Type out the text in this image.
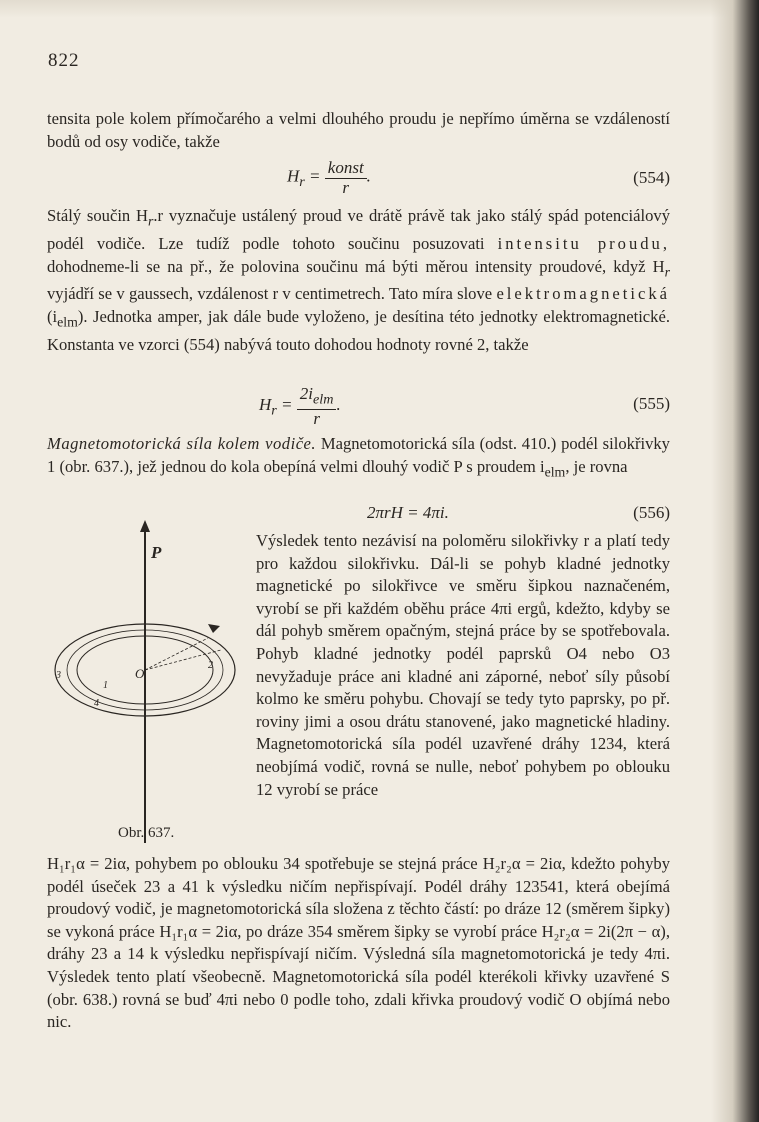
822
tensita pole kolem přímočarého a velmi dlouhého proudu je nepřímo úměrna se vzdáleností bodů od osy vodiče, takže
$H_r = \frac{\text{konst}}{r}$ .	(554)
Stálý součin $H_r.r$ vyznačuje ustálený proud ve drátě právě tak jako stálý spád potenciálový podél vodiče. Lze tudíž podle tohoto součinu posuzovati intensitu proudu, dohodneme-li se na př., že polovina součinu má býti měrou intensity proudové, když $H_r$ vyjádří se v gaussech, vzdálenost r v centimetrech. Tato míra slove elektromagnetická $(i_{elm})$. Jednotka amper, jak dále bude vyloženo, je desítina této jednotky elektromagnetické. Konstanta ve vzorci (554) nabývá touto dohodou hodnoty rovné 2, takže
$H_r = \frac{2i_{elm}}{r}$ .	(555)
Magnetomotorická síla kolem vodiče. Magnetomotorická síla (odst. 410.) podél silokřivky 1 (obr. 637.), jež jednou do kola obepíná velmi dlouhý vodič P s proudem $i_{elm}$, je rovna
2πrH = 4πi.	(556)
P
O
1
2
3
4
Obr. 637.
Výsledek tento nezávisí na poloměru silokřivky r a platí tedy pro každou silokřivku. Dál-li se pohyb kladné jednotky magnetické po silokřivce ve směru šipkou naznačeném, vyrobí se při každém oběhu práce 4πi ergů, kdežto, kdyby se dál pohyb směrem opačným, stejná práce by se spotřebovala. Pohyb kladné jednotky podél paprsků O4 nebo O3 nevyžaduje práce ani kladné ani záporné, neboť síly působí kolmo ke směru pohybu. Chovají se tedy tyto paprsky, po př. roviny jimi a osou drátu stanovené, jako magnetické hladiny. Magnetomotorická síla podél uzavřené dráhy 1234, která neobjímá vodič, rovná se nulle, neboť pohybem po oblouku 12 vyrobí se práce
H₁r₁α = 2iα, pohybem po oblouku 34 spotřebuje se stejná práce H₂r₂α = 2iα, kdežto pohyby podél úseček 23 a 41 k výsledku ničím nepřispívají. Podél dráhy 123541, která obejímá proudový vodič, je magnetomotorická síla složena z těchto částí: po dráze 12 (směrem šipky) se vykoná práce H₁r₁α = 2iα, po dráze 354 směrem šipky se vyrobí práce H₂r₂α = 2i(2π − α), dráhy 23 a 14 k výsledku nepřispívají ničím. Výsledná síla magnetomotorická je tedy 4πi. Výsledek tento platí všeobecně. Magnetomotorická síla podél kterékoli křivky uzavřené S (obr. 638.) rovná se buď 4πi nebo 0 podle toho, zdali křivka proudový vodič O objímá nebo nic.
